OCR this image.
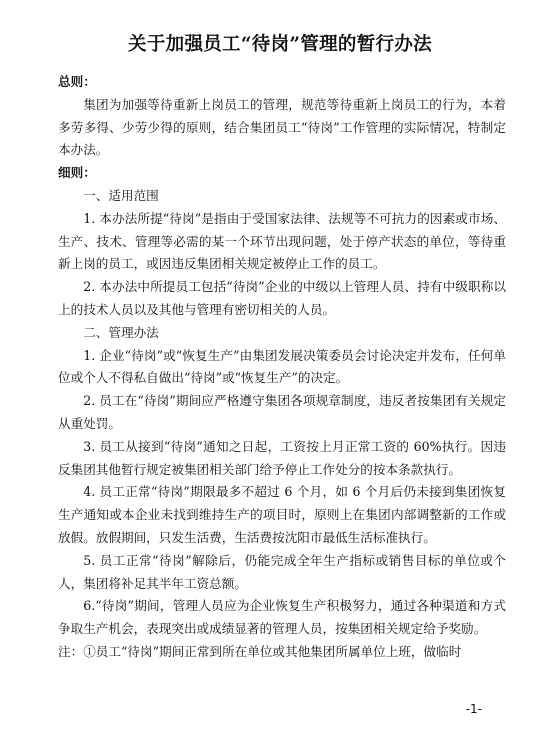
关于加强员工“待岗”管理的暂行办法

总则：

集团为加强等待重新上岗员工的管理，规范等待重新上岗员工的行为，本着多劳多得、少劳少得的原则，结合集团员工“待岗”工作管理的实际情况，特制定本办法。

细则：

一、适用范围

1. 本办法所提“待岗”是指由于受国家法律、法规等不可抗力的因素或市场、生产、技术、管理等必需的某一个环节出现问题，处于停产状态的单位，等待重新上岗的员工，或因违反集团相关规定被停止工作的员工。

2. 本办法中所提员工包括“待岗”企业的中级以上管理人员、持有中级职称以上的技术人员以及其他与管理有密切相关的人员。

二、管理办法

1. 企业“待岗”或“恢复生产”由集团发展决策委员会讨论决定并发布，任何单位或个人不得私自做出“待岗”或“恢复生产”的决定。

2. 员工在“待岗”期间应严格遵守集团各项规章制度，违反者按集团有关规定从重处罚。

3. 员工从接到“待岗”通知之日起，工资按上月正常工资的 60%执行。因违反集团其他暂行规定被集团相关部门给予停止工作处分的按本条款执行。

4. 员工正常“待岗”期限最多不超过 6 个月，如 6 个月后仍未接到集团恢复生产通知或本企业未找到维持生产的项目时，原则上在集团内部调整新的工作或放假。放假期间，只发生活费，生活费按沈阳市最低生活标准执行。

5. 员工正常“待岗”解除后，仍能完成全年生产指标或销售目标的单位或个人，集团将补足其半年工资总额。

6.“待岗”期间，管理人员应为企业恢复生产积极努力，通过各种渠道和方式争取生产机会，表现突出或成绩显著的管理人员，按集团相关规定给予奖励。

注：①员工“待岗”期间正常到所在单位或其他集团所属单位上班，做临时

-1-
